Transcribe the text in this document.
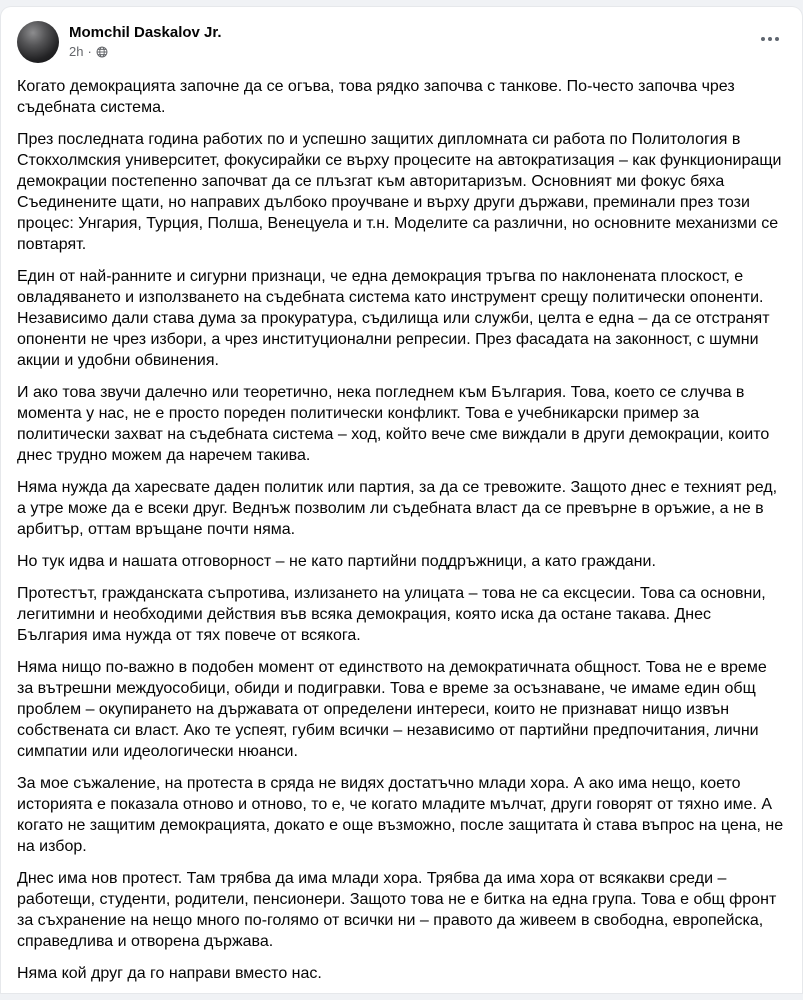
Momchil Daskalov Jr.
2h ·

Когато демокрацията започне да се огъва, това рядко започва с танкове. По-често започва чрез съдебната система.

През последната година работих по и успешно защитих дипломната си работа по Политология в Стокхолмския университет, фокусирайки се върху процесите на автократизация – как функциониращи демокрации постепенно започват да се плъзгат към авторитаризъм. Основният ми фокус бяха Съединените щати, но направих дълбоко проучване и върху други държави, преминали през този процес: Унгария, Турция, Полша, Венецуела и т.н. Моделите са различни, но основните механизми се повтарят.

Един от най-ранните и сигурни признаци, че една демокрация тръгва по наклонената плоскост, е овладяването и използването на съдебната система като инструмент срещу политически опоненти. Независимо дали става дума за прокуратура, съдилища или служби, целта е една – да се отстранят опоненти не чрез избори, а чрез институционални репресии. През фасадата на законност, с шумни акции и удобни обвинения.

И ако това звучи далечно или теоретично, нека погледнем към България. Това, което се случва в момента у нас, не е просто пореден политически конфликт. Това е учебникарски пример за политически захват на съдебната система – ход, който вече сме виждали в други демокрации, които днес трудно можем да наречем такива.

Няма нужда да харесвате даден политик или партия, за да се тревожите. Защото днес е техният ред, а утре може да е всеки друг. Веднъж позволим ли съдебната власт да се превърне в оръжие, а не в арбитър, оттам връщане почти няма.

Но тук идва и нашата отговорност – не като партийни поддръжници, а като граждани.

Протестът, гражданската съпротива, излизането на улицата – това не са ексцесии. Това са основни, легитимни и необходими действия във всяка демокрация, която иска да остане такава. Днес България има нужда от тях повече от всякога.

Няма нищо по-важно в подобен момент от единството на демократичната общност. Това не е време за вътрешни междуособици, обиди и подигравки. Това е време за осъзнаване, че имаме един общ проблем – окупирането на държавата от определени интереси, които не признават нищо извън собствената си власт. Ако те успеят, губим всички – независимо от партийни предпочитания, лични симпатии или идеологически нюанси.

За мое съжаление, на протеста в сряда не видях достатъчно млади хора. А ако има нещо, което историята е показала отново и отново, то е, че когато младите мълчат, други говорят от тяхно име. А когато не защитим демокрацията, докато е още възможно, после защитата ѝ става въпрос на цена, не на избор.

Днес има нов протест. Там трябва да има млади хора. Трябва да има хора от всякакви среди – работещи, студенти, родители, пенсионери. Защото това не е битка на една група. Това е общ фронт за съхранение на нещо много по-голямо от всички ни – правото да живеем в свободна, европейска, справедлива и отворена държава.

Няма кой друг да го направи вместо нас.
